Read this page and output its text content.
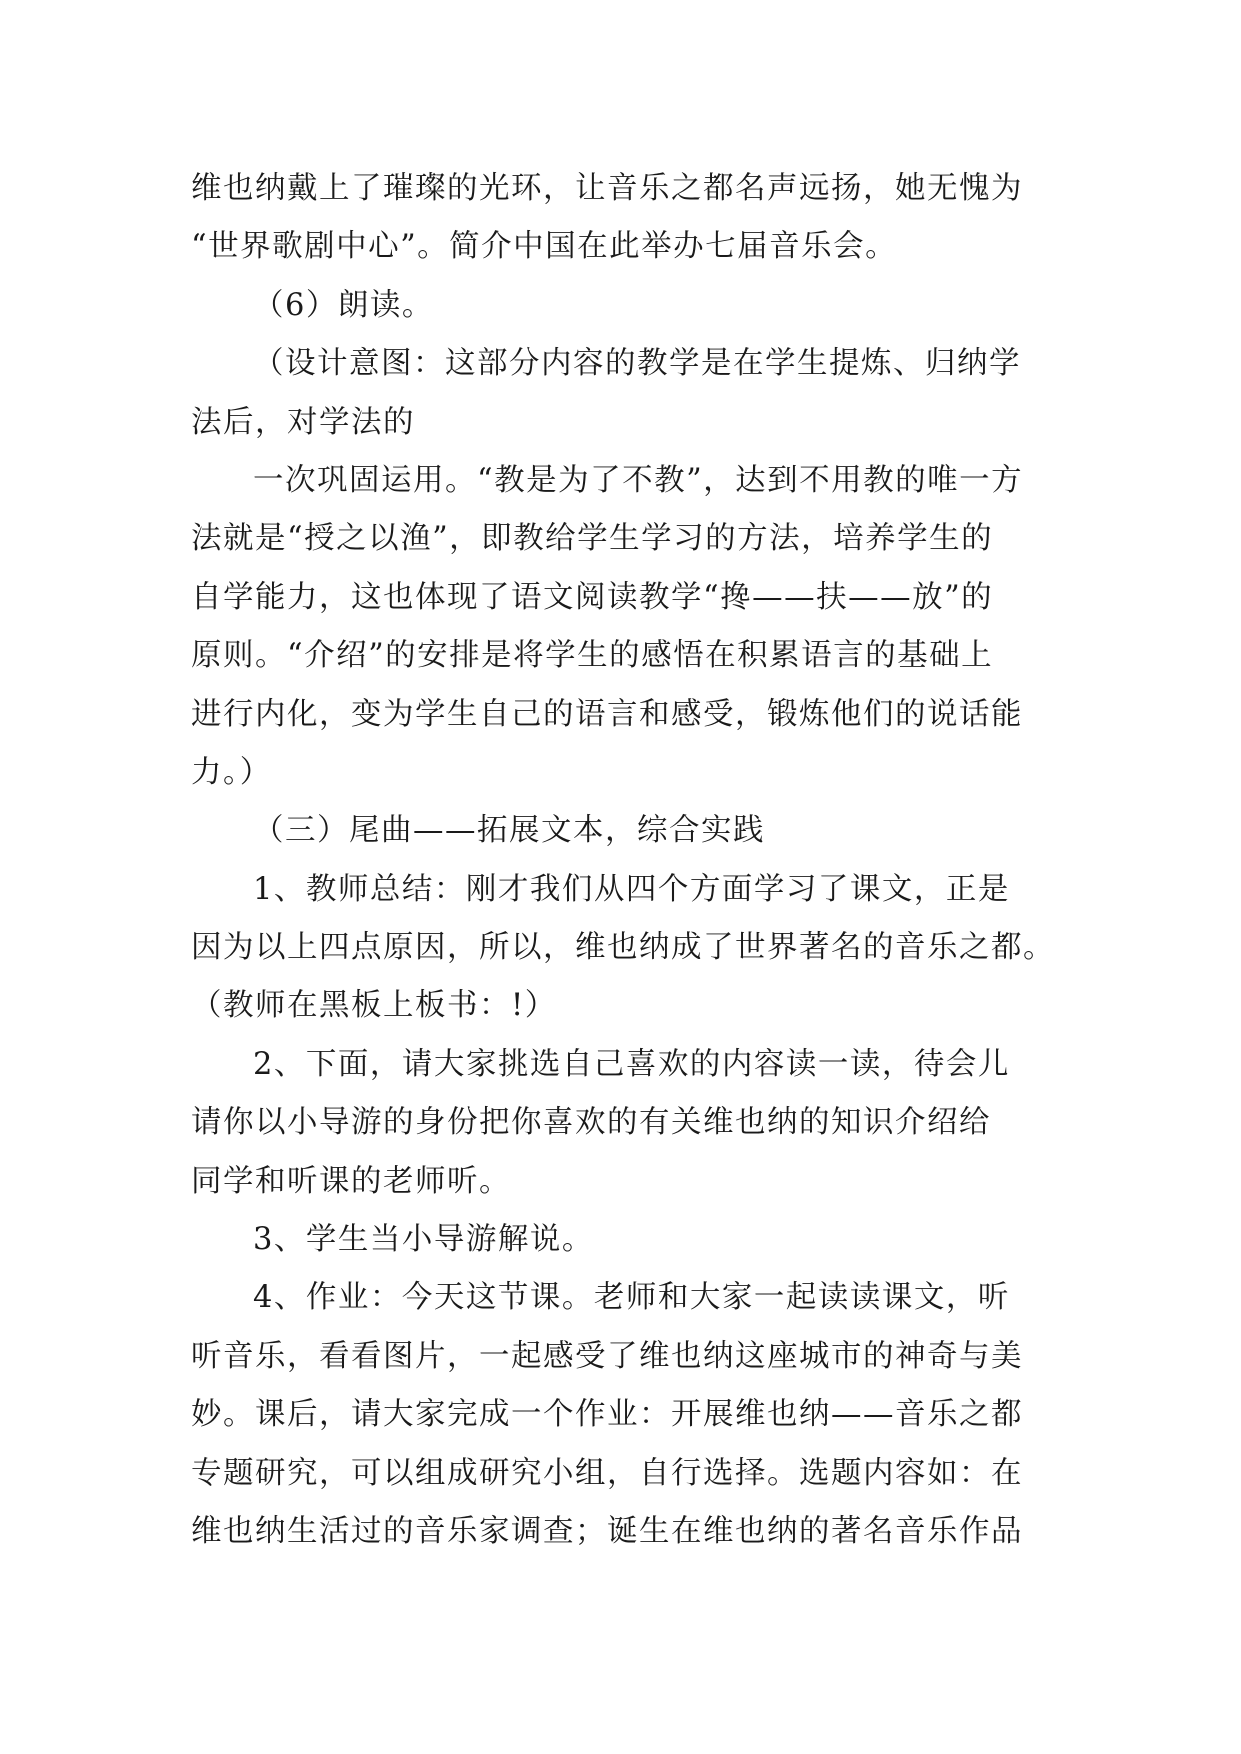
维也纳戴上了璀璨的光环，让音乐之都名声远扬，她无愧为
“世界歌剧中心”。简介中国在此举办七届音乐会。
（6）朗读。
（设计意图：这部分内容的教学是在学生提炼、归纳学
法后，对学法的
一次巩固运用。“教是为了不教”，达到不用教的唯一方
法就是“授之以渔”，即教给学生学习的方法，培养学生的
自学能力，这也体现了语文阅读教学“搀——扶——放”的
原则。“介绍”的安排是将学生的感悟在积累语言的基础上
进行内化，变为学生自己的语言和感受，锻炼他们的说话能
力。）
（三）尾曲——拓展文本，综合实践
1、教师总结：刚才我们从四个方面学习了课文，正是
因为以上四点原因，所以，维也纳成了世界著名的音乐之都。
（教师在黑板上板书：!）
2、下面，请大家挑选自己喜欢的内容读一读，待会儿
请你以小导游的身份把你喜欢的有关维也纳的知识介绍给
同学和听课的老师听。
3、学生当小导游解说。
4、作业：今天这节课。老师和大家一起读读课文，听
听音乐，看看图片，一起感受了维也纳这座城市的神奇与美
妙。课后，请大家完成一个作业：开展维也纳——音乐之都
专题研究，可以组成研究小组，自行选择。选题内容如：在
维也纳生活过的音乐家调查；诞生在维也纳的著名音乐作品
